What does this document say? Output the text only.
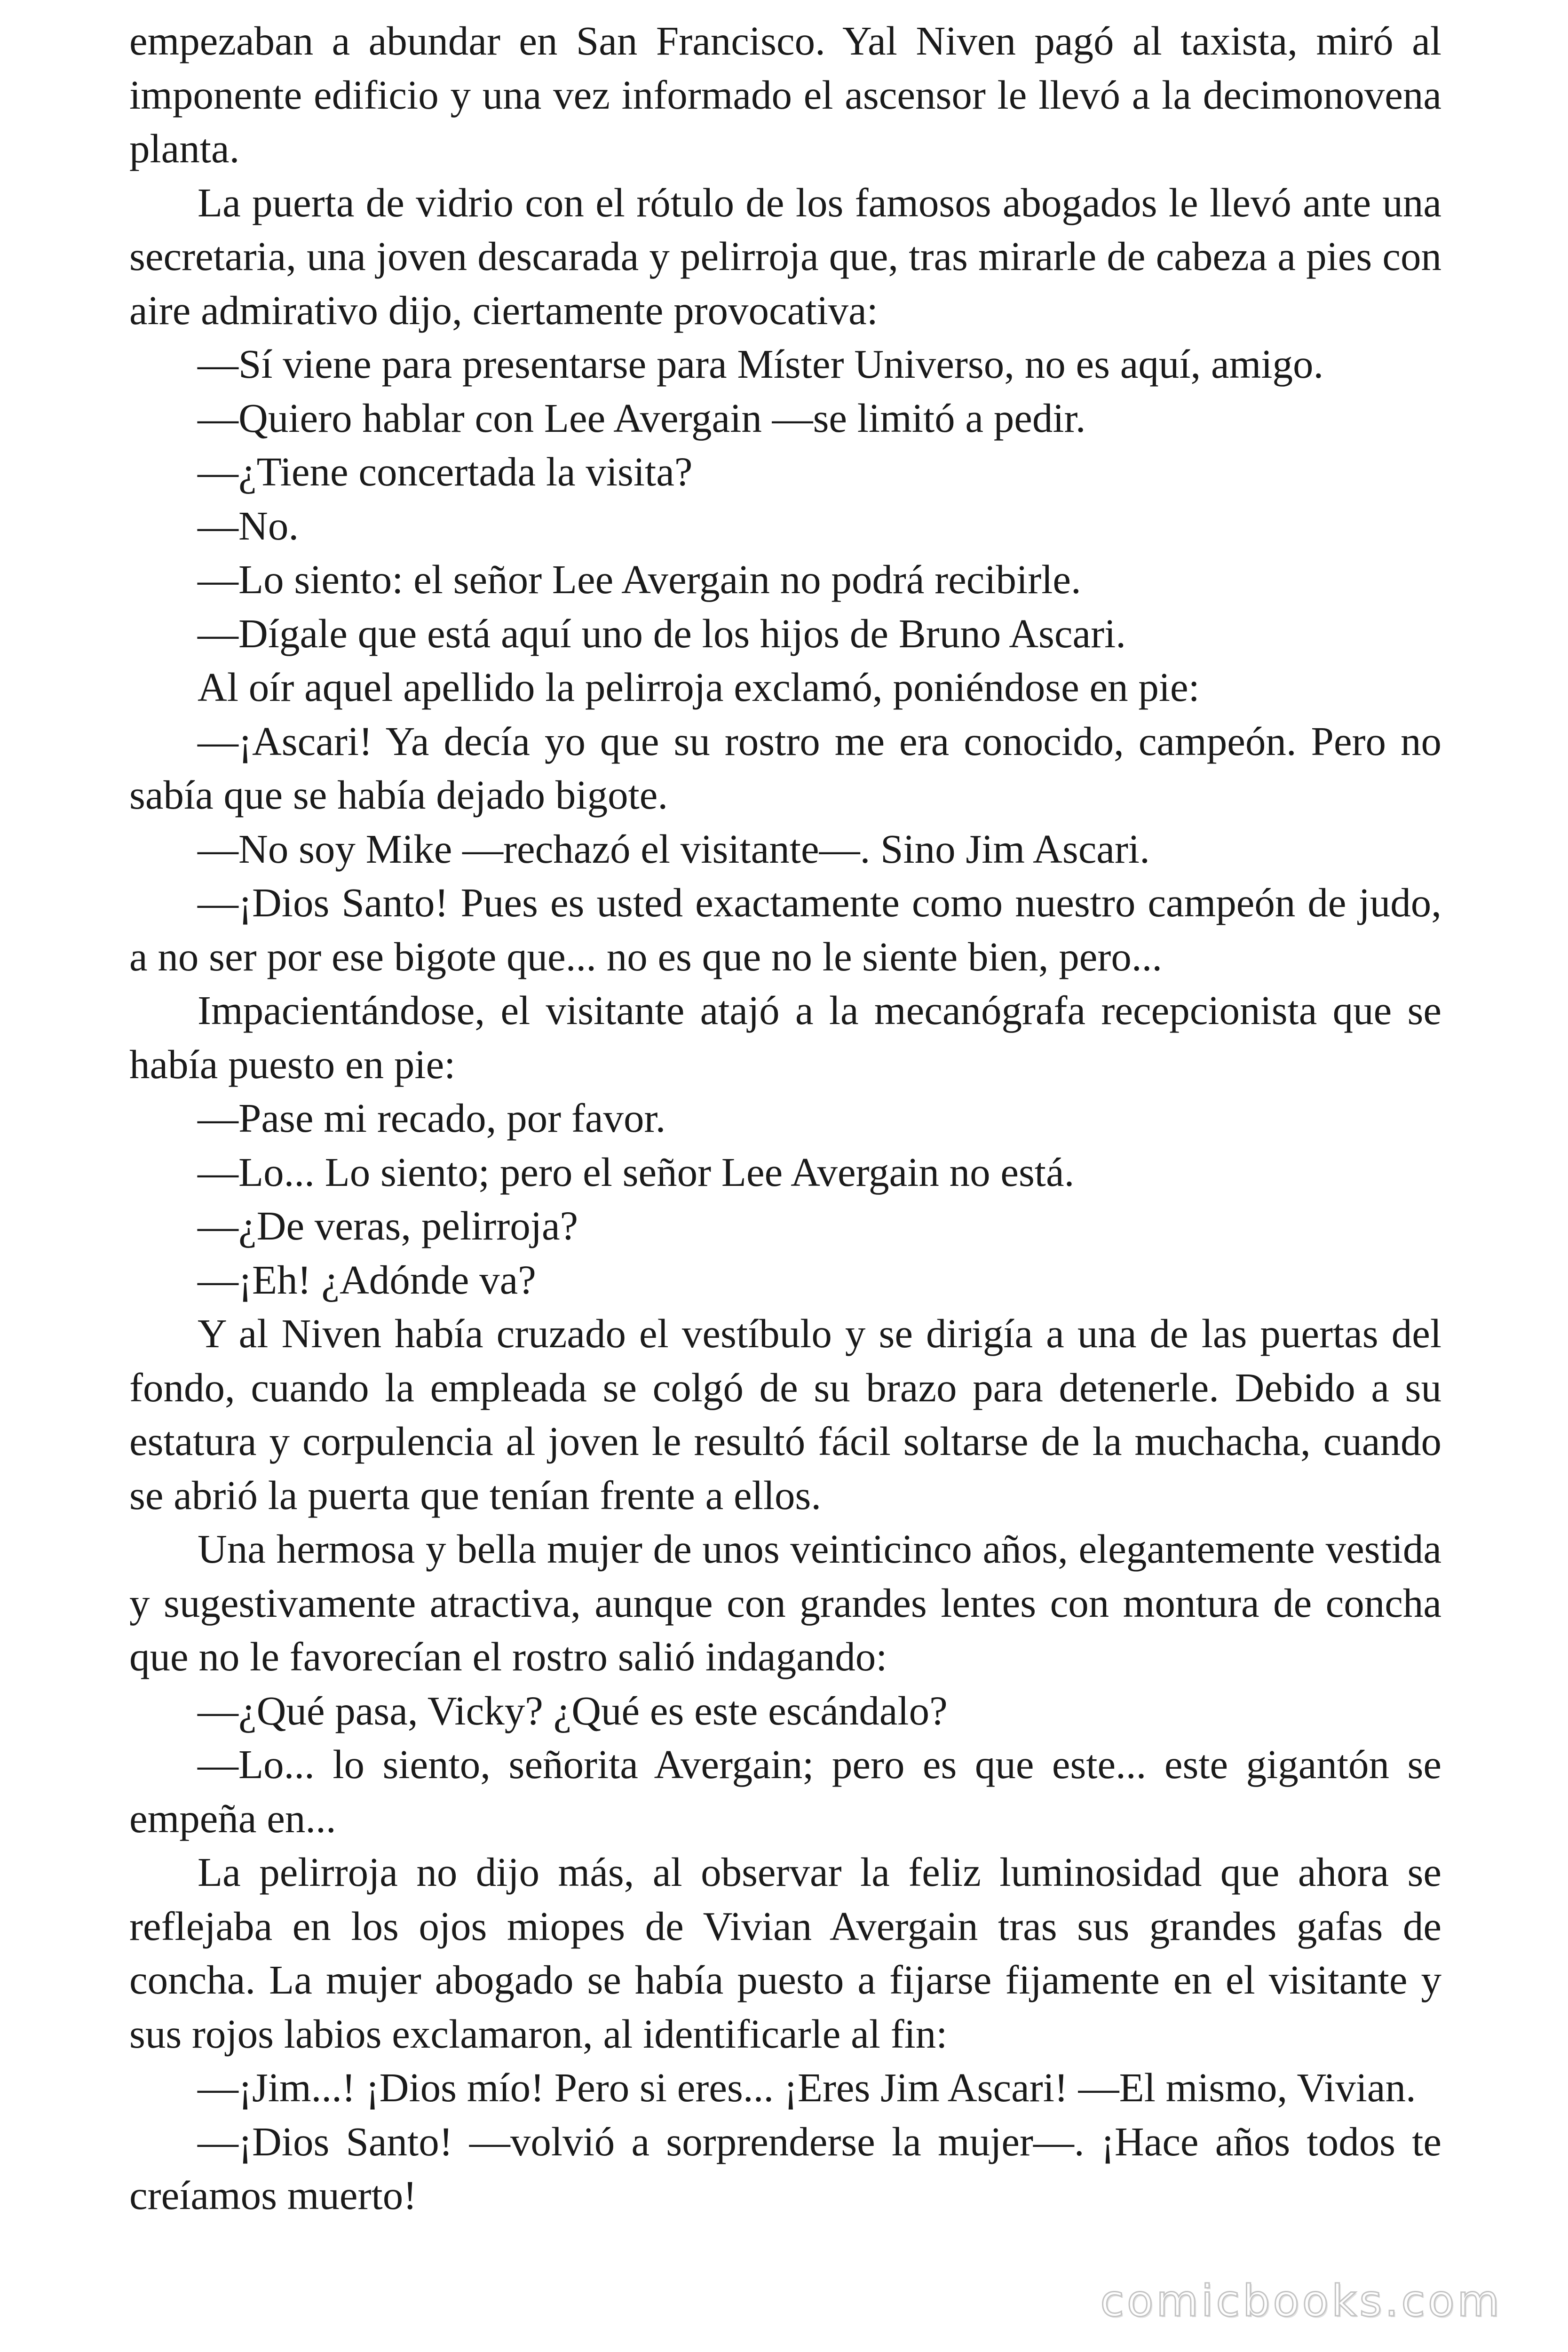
empezaban a abundar en San Francisco. Yal Niven pagó al taxista, miró al imponente edificio y una vez informado el ascensor le llevó a la decimonovena planta.

La puerta de vidrio con el rótulo de los famosos abogados le llevó ante una secretaria, una joven descarada y pelirroja que, tras mirarle de cabeza a pies con aire admirativo dijo, ciertamente provocativa:

—Sí viene para presentarse para Míster Universo, no es aquí, amigo.

—Quiero hablar con Lee Avergain —se limitó a pedir.

—¿Tiene concertada la visita?

—No.

—Lo siento: el señor Lee Avergain no podrá recibirle.

—Dígale que está aquí uno de los hijos de Bruno Ascari.

Al oír aquel apellido la pelirroja exclamó, poniéndose en pie:

—¡Ascari! Ya decía yo que su rostro me era conocido, campeón. Pero no sabía que se había dejado bigote.

—No soy Mike —rechazó el visitante—. Sino Jim Ascari.

—¡Dios Santo! Pues es usted exactamente como nuestro campeón de judo, a no ser por ese bigote que... no es que no le siente bien, pero...

Impacientándose, el visitante atajó a la mecanógrafa recepcionista que se había puesto en pie:

—Pase mi recado, por favor.

—Lo... Lo siento; pero el señor Lee Avergain no está.

—¿De veras, pelirroja?

—¡Eh! ¿Adónde va?

Y al Niven había cruzado el vestíbulo y se dirigía a una de las puertas del fondo, cuando la empleada se colgó de su brazo para detenerle. Debido a su estatura y corpulencia al joven le resultó fácil soltarse de la muchacha, cuando se abrió la puerta que tenían frente a ellos.

Una hermosa y bella mujer de unos veinticinco años, elegantemente vestida y sugestivamente atractiva, aunque con grandes lentes con montura de concha que no le favorecían el rostro salió indagando:

—¿Qué pasa, Vicky? ¿Qué es este escándalo?

—Lo... lo siento, señorita Avergain; pero es que este... este gigantón se empeña en...

La pelirroja no dijo más, al observar la feliz luminosidad que ahora se reflejaba en los ojos miopes de Vivian Avergain tras sus grandes gafas de concha. La mujer abogado se había puesto a fijarse fijamente en el visitante y sus rojos labios exclamaron, al identificarle al fin:

—¡Jim...! ¡Dios mío! Pero si eres... ¡Eres Jim Ascari! —El mismo, Vivian.

—¡Dios Santo! —volvió a sorprenderse la mujer—. ¡Hace años todos te creíamos muerto!

comicbooks.com
